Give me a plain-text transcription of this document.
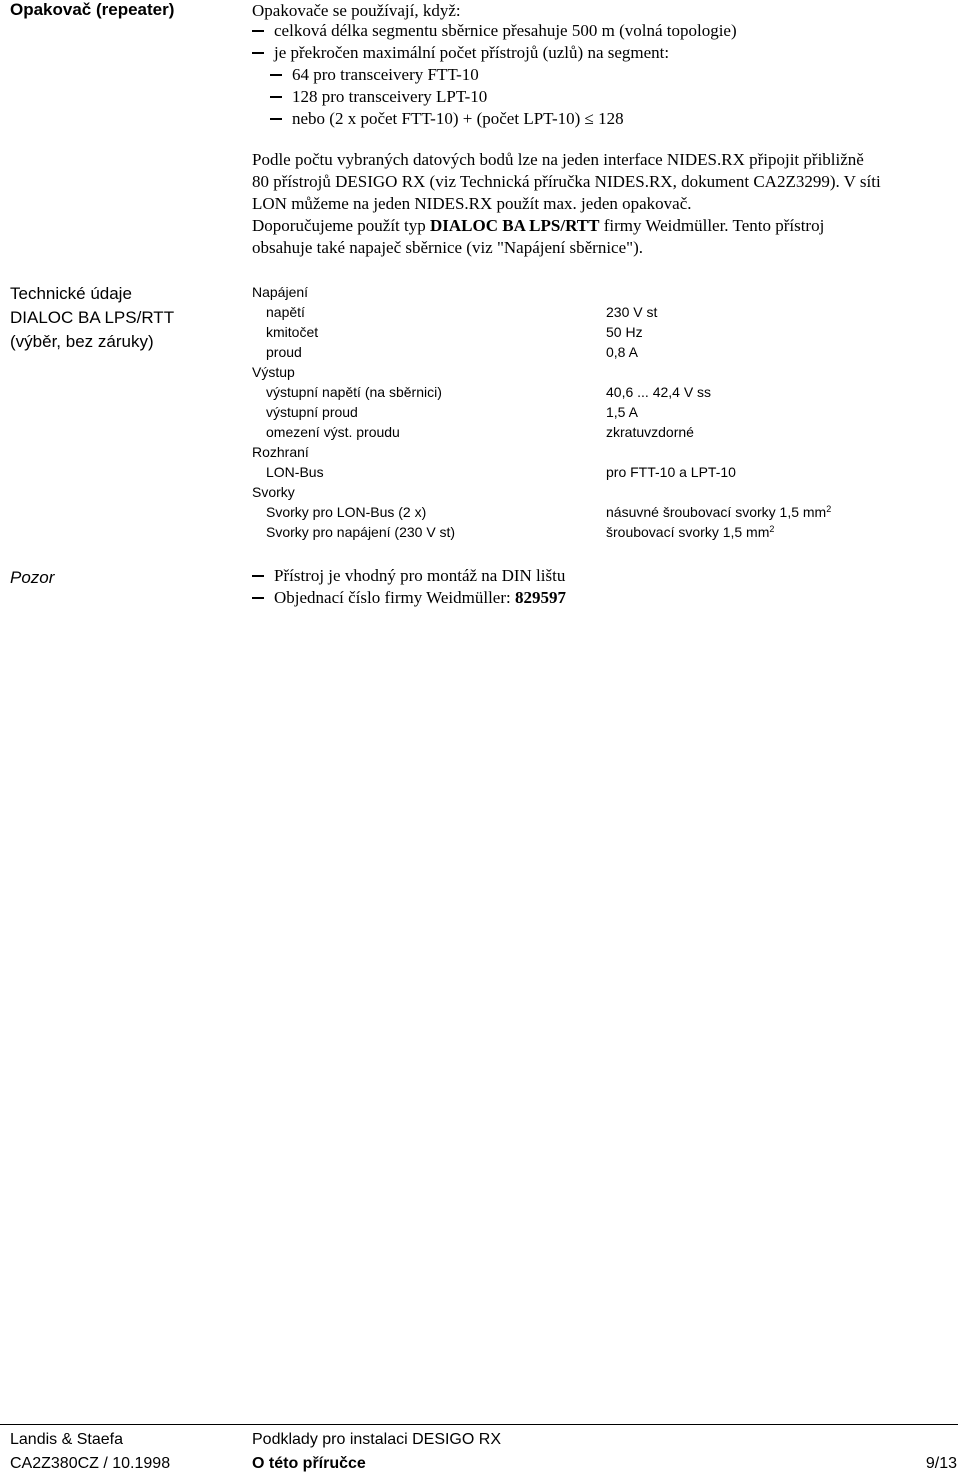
Opakovač (repeater)
Technické údaje
DIALOC BA LPS/RTT
(výběr, bez záruky)
Pozor
Opakovače se používají, když:
celková délka segmentu sběrnice přesahuje 500 m (volná topologie)
je překročen maximální počet přístrojů (uzlů) na segment:
64 pro transceivery FTT-10
128 pro transceivery LPT-10
nebo (2 x počet FTT-10) + (počet LPT-10) ≤ 128
Podle počtu vybraných datových bodů lze na jeden interface NIDES.RX připojit přibližně
80 přístrojů DESIGO RX (viz Technická příručka NIDES.RX, dokument CA2Z3299). V síti
LON můžeme na jeden NIDES.RX použít max. jeden opakovač.
Doporučujeme použít typ DIALOC BA LPS/RTT firmy Weidmüller. Tento přístroj
obsahuje také napaječ sběrnice (viz "Napájení sběrnice").
Napájení
napětí	230 V st
kmitočet	50 Hz
proud	0,8 A
Výstup
výstupní napětí (na sběrnici)	40,6 ... 42,4 V ss
výstupní proud	1,5 A
omezení výst. proudu	zkratuvzdorné
Rozhraní
LON-Bus	pro FTT-10 a LPT-10
Svorky
Svorky pro LON-Bus (2 x)	násuvné šroubovací svorky 1,5 $mm^2$
Svorky pro napájení (230 V st)	šroubovací svorky 1,5 $mm^2$
Přístroj je vhodný pro montáž na DIN lištu
Objednací číslo firmy Weidmüller: 829597
Landis & Staefa
CA2Z380CZ / 10.1998
Podklady pro instalaci DESIGO RX
O této příručce	9/13
